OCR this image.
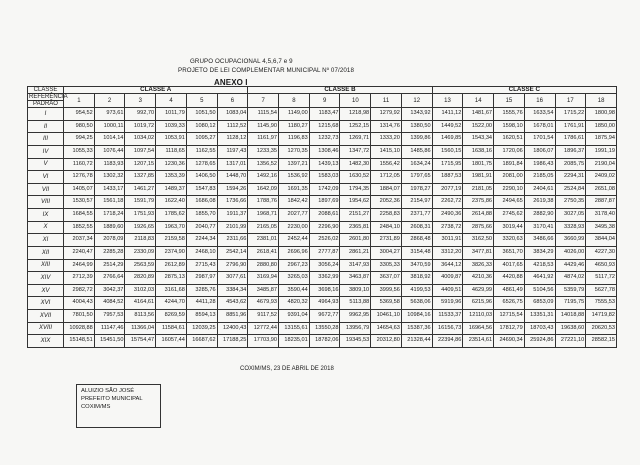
GRUPO OCUPACIONAL 4,5,6,7 e 9
PROJETO DE LEI COMPLEMENTAR MUNICIPAL Nº 07/2018
ANEXO I
CLASSE	CLASSE A						CLASSE B						CLASSE C					
REFERÊNCIA	1	2	3	4	5	6	7	8	9	10	11	12	13	14	15	16	17	18
PADRÃO																		
I	954,52	973,61	992,70	1011,79	1051,50	1083,04	1115,54	1149,00	1183,47	1218,98	1279,92	1343,92	1411,12	1481,67	1555,76	1633,54	1715,22	1800,98
II	980,50	1000,11	1019,72	1039,33	1080,12	1112,52	1145,90	1180,27	1215,68	1252,15	1314,76	1380,50	1449,52	1522,00	1598,10	1678,01	1761,91	1850,00
III	994,25	1014,14	1034,02	1053,91	1095,27	1128,12	1161,97	1196,83	1232,73	1269,71	1333,20	1399,86	1469,85	1543,34	1620,51	1701,54	1786,61	1875,94
IV	1055,33	1076,44	1097,54	1118,65	1162,55	1197,43	1233,35	1270,35	1308,46	1347,72	1415,10	1485,86	1560,15	1638,16	1720,06	1806,07	1896,37	1991,19
V	1160,72	1183,93	1207,15	1230,36	1278,65	1317,01	1356,52	1397,21	1439,13	1482,30	1556,42	1634,24	1715,95	1801,75	1891,84	1986,43	2085,75	2190,04
VI	1276,78	1302,32	1327,85	1353,39	1406,50	1448,70	1492,16	1536,92	1583,03	1630,52	1712,05	1797,65	1887,53	1981,91	2081,00	2185,05	2294,31	2409,02
VII	1405,07	1433,17	1461,27	1489,37	1547,83	1594,26	1642,09	1691,35	1742,09	1794,35	1884,07	1978,27	2077,19	2181,05	2290,10	2404,61	2524,84	2651,08
VIII	1530,57	1561,18	1591,79	1622,40	1686,08	1736,66	1788,76	1842,42	1897,69	1954,62	2052,36	2154,97	2262,72	2375,86	2494,65	2619,38	2750,35	2887,87
IX	1684,55	1718,24	1751,93	1785,62	1855,70	1911,37	1968,71	2027,77	2088,61	2151,27	2258,83	2371,77	2490,36	2614,88	2745,62	2882,90	3027,05	3178,40
X	1852,55	1889,60	1926,65	1963,70	2040,77	2101,99	2165,05	2230,00	2296,90	2365,81	2484,10	2608,31	2738,72	2875,66	3019,44	3170,41	3328,93	3495,38
XI	2037,34	2078,09	2118,83	2159,58	2244,34	2311,66	2381,01	2452,44	2526,02	2601,80	2731,89	2868,48	3011,91	3162,50	3320,63	3486,66	3660,99	3844,04
XII	2240,47	2285,28	2330,09	2374,90	2468,10	2542,14	2618,41	2696,96	2777,87	2861,21	3004,27	3154,48	3312,20	3477,81	3651,70	3834,29	4026,00	4227,30
XIII	2464,99	2514,29	2563,59	2612,89	2715,43	2796,90	2880,80	2967,23	3056,24	3147,93	3305,33	3470,59	3644,12	3826,33	4017,65	4218,53	4429,46	4650,93
XIV	2712,39	2766,64	2820,89	2875,13	2987,97	3077,61	3169,94	3265,03	3362,99	3463,87	3637,07	3818,92	4009,87	4210,36	4420,88	4641,92	4874,02	5117,72
XV	2982,72	3042,37	3102,03	3161,68	3285,76	3384,34	3485,87	3590,44	3698,16	3809,10	3999,56	4199,53	4409,51	4629,99	4861,49	5104,56	5359,79	5627,78
XVI	4004,43	4084,52	4164,61	4244,70	4411,28	4543,62	4679,93	4820,32	4964,93	5113,88	5369,58	5638,06	5919,96	6215,96	6526,75	6853,09	7195,75	7555,53
XVII	7801,50	7957,53	8113,56	8269,59	8594,13	8851,96	9117,52	9391,04	9672,77	9962,95	10461,10	10984,16	11533,37	12110,03	12715,54	13351,31	14018,88	14719,82
XVIII	10928,88	11147,46	11366,04	11584,61	12039,25	12400,43	12772,44	13155,61	13550,28	13956,79	14654,63	15387,36	16156,73	16964,56	17812,79	18703,43	19638,60	20620,53
XIX	15148,51	15451,50	15754,47	16057,44	16687,62	17188,25	17703,90	18235,01	18782,06	19345,53	20312,80	21328,44	22394,86	23514,61	24690,34	25924,86	27221,10	28582,15
COXIM/MS, 23 DE ABRIL DE 2018
ALUIZIO SÃO JOSÉ
PREFEITO MUNICIPAL
COXIM/MS
